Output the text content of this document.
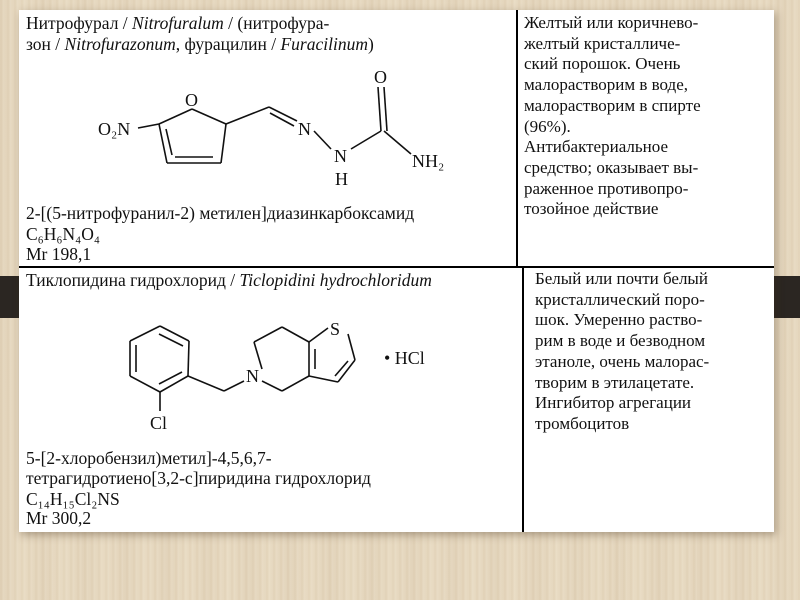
Нитрофурал / Nitrofuralum / (нитрофура-
зон / Nitrofurazonum, фурацилин / Furacilinum)
O₂N
O
N
N
H
O
NH₂
2-[(5-нитрофуранил-2) метилен]диазинкарбоксамид
C₆H₆N₄O₄
Mr 198,1
Желтый или коричнево-
желтый кристалличе-
ский порошок. Очень
малорастворим в воде,
малорастворим в спирте
(96%).
Антибактериальное
средство; оказывает вы-
раженное противопро-
тозойное действие
Тиклопидина гидрохлорид / Ticlopidini hydrochloridum
Cl
N
S
• HCl
5-[2-хлоробензил)метил]-4,5,6,7-
тетрагидротиено[3,2-с]пиридина гидрохлорид
C₁₄H₁₅Cl₂NS
Mr 300,2
Белый или почти белый
кристаллический поро-
шок. Умеренно раство-
рим в воде и безводном
этаноле, очень малорас-
творим в этилацетате.
Ингибитор агрегации
тромбоцитов
